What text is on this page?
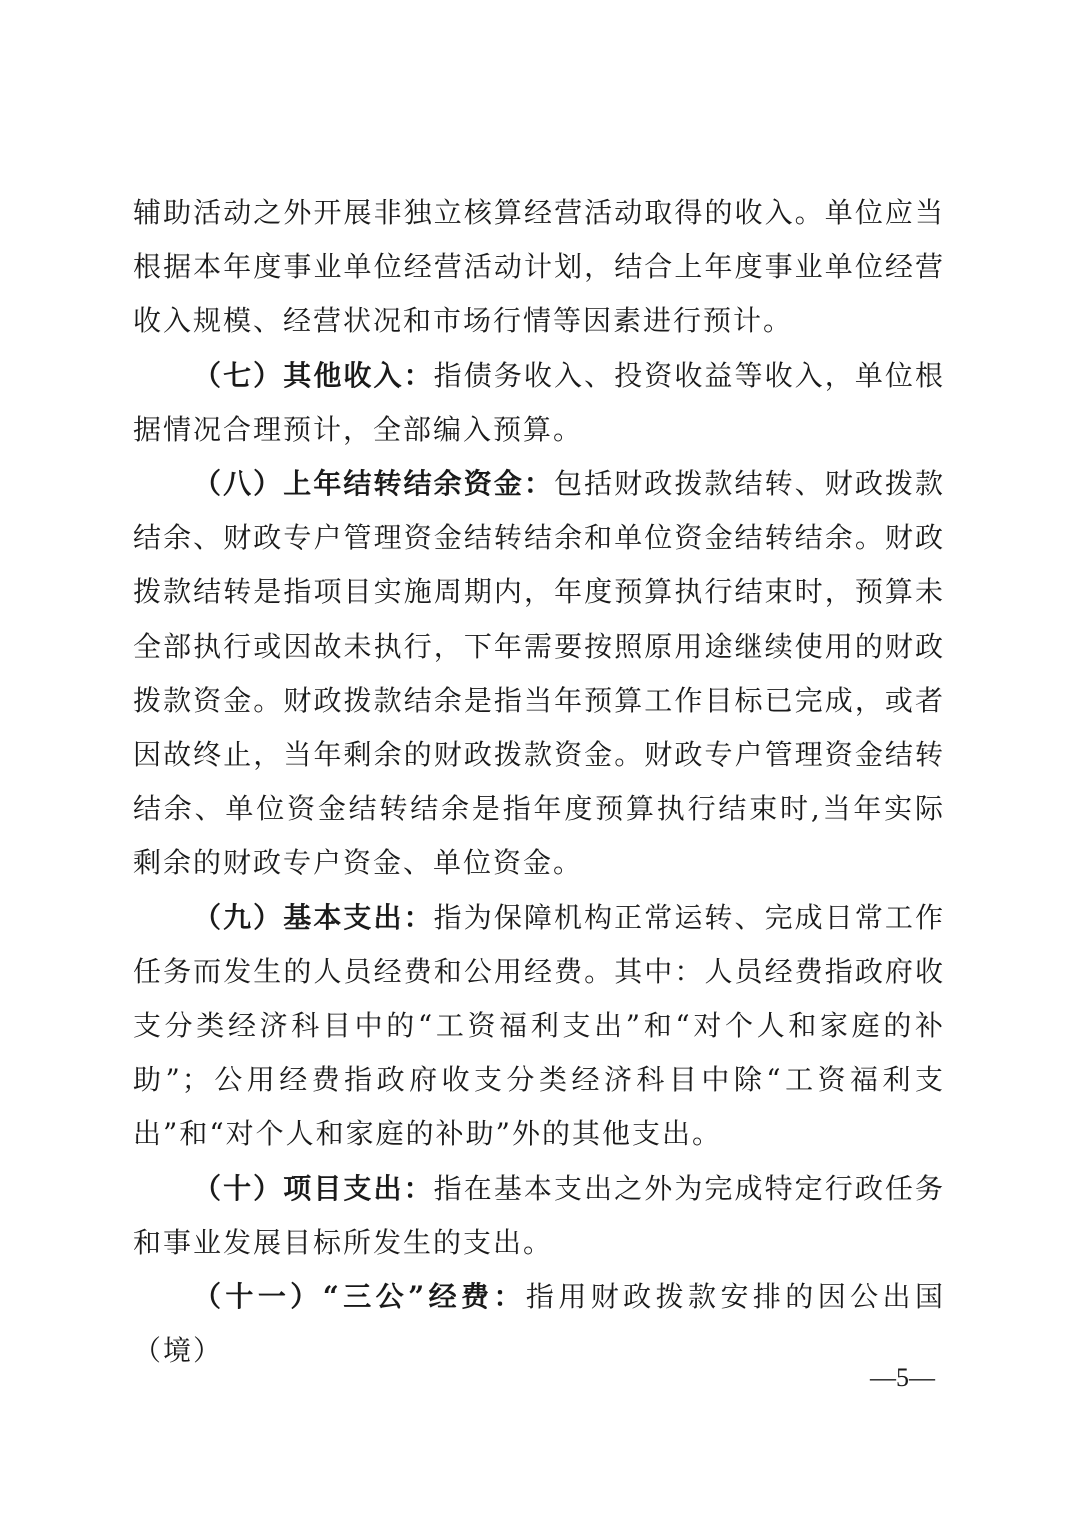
辅助活动之外开展非独立核算经营活动取得的收入。单位应当根据本年度事业单位经营活动计划，结合上年度事业单位经营收入规模、经营状况和市场行情等因素进行预计。

（七）其他收入：指债务收入、投资收益等收入，单位根据情况合理预计，全部编入预算。

（八）上年结转结余资金：包括财政拨款结转、财政拨款结余、财政专户管理资金结转结余和单位资金结转结余。财政拨款结转是指项目实施周期内，年度预算执行结束时，预算未全部执行或因故未执行，下年需要按照原用途继续使用的财政拨款资金。财政拨款结余是指当年预算工作目标已完成，或者因故终止，当年剩余的财政拨款资金。财政专户管理资金结转结余、单位资金结转结余是指年度预算执行结束时,当年实际剩余的财政专户资金、单位资金。

（九）基本支出：指为保障机构正常运转、完成日常工作任务而发生的人员经费和公用经费。其中：人员经费指政府收支分类经济科目中的“工资福利支出”和“对个人和家庭的补助”；公用经费指政府收支分类经济科目中除“工资福利支出”和“对个人和家庭的补助”外的其他支出。

（十）项目支出：指在基本支出之外为完成特定行政任务和事业发展目标所发生的支出。

（十一）“三公”经费：指用财政拨款安排的因公出国（境）

—5—
